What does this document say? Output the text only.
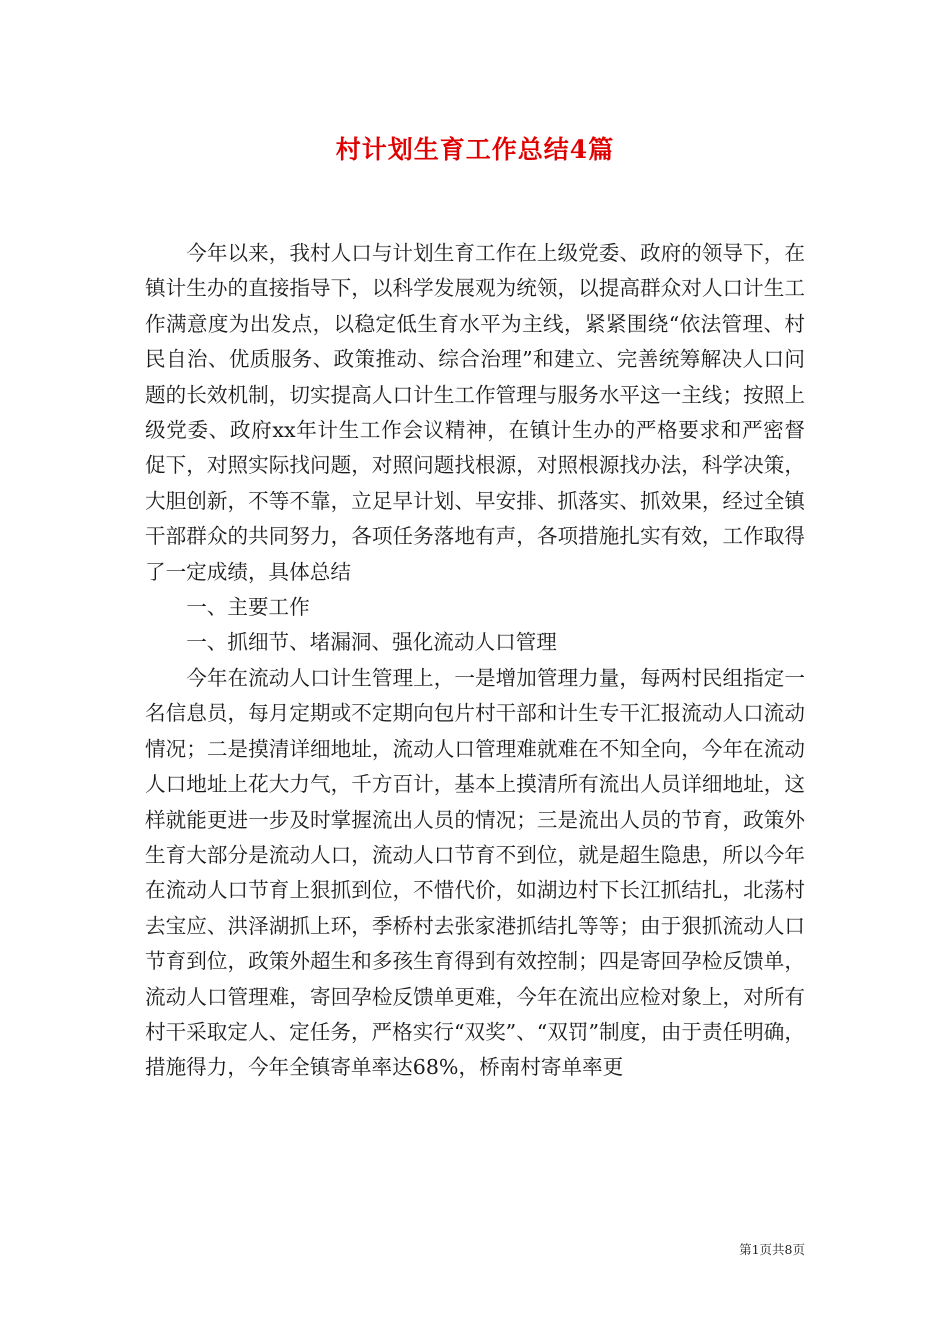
村计划生育工作总结4篇

今年以来，我村人口与计划生育工作在上级党委、政府的领导下，在镇计生办的直接指导下，以科学发展观为统领，以提高群众对人口计生工作满意度为出发点，以稳定低生育水平为主线，紧紧围绕“依法管理、村民自治、优质服务、政策推动、综合治理”和建立、完善统筹解决人口问题的长效机制，切实提高人口计生工作管理与服务水平这一主线；按照上级党委、政府xx年计生工作会议精神，在镇计生办的严格要求和严密督促下，对照实际找问题，对照问题找根源，对照根源找办法，科学决策，大胆创新，不等不靠，立足早计划、早安排、抓落实、抓效果，经过全镇干部群众的共同努力，各项任务落地有声，各项措施扎实有效，工作取得了一定成绩，具体总结

一、主要工作

一、抓细节、堵漏洞、强化流动人口管理

今年在流动人口计生管理上，一是增加管理力量，每两村民组指定一名信息员，每月定期或不定期向包片村干部和计生专干汇报流动人口流动情况；二是摸清详细地址，流动人口管理难就难在不知全向，今年在流动人口地址上花大力气，千方百计，基本上摸清所有流出人员详细地址，这样就能更进一步及时掌握流出人员的情况；三是流出人员的节育，政策外生育大部分是流动人口，流动人口节育不到位，就是超生隐患，所以今年在流动人口节育上狠抓到位，不惜代价，如湖边村下长江抓结扎，北荡村去宝应、洪泽湖抓上环，季桥村去张家港抓结扎等等；由于狠抓流动人口节育到位，政策外超生和多孩生育得到有效控制；四是寄回孕检反馈单，流动人口管理难，寄回孕检反馈单更难，今年在流出应检对象上，对所有村干采取定人、定任务，严格实行“双奖”、“双罚”制度，由于责任明确，措施得力，今年全镇寄单率达68%，桥南村寄单率更

第1页共8页
